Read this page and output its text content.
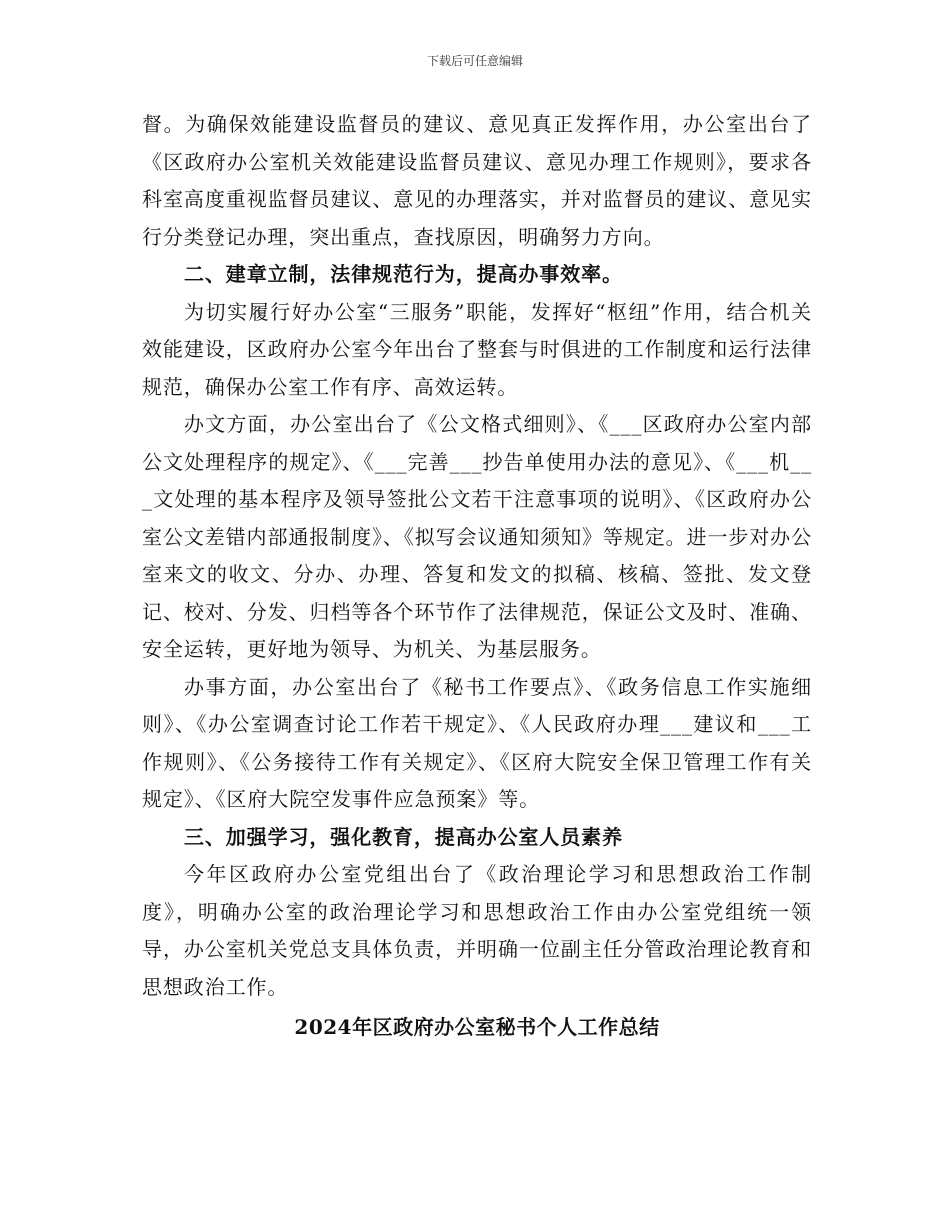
下载后可任意编辑

督。为确保效能建设监督员的建议、意见真正发挥作用，办公室出台了《区政府办公室机关效能建设监督员建议、意见办理工作规则》，要求各科室高度重视监督员建议、意见的办理落实，并对监督员的建议、意见实行分类登记办理，突出重点，查找原因，明确努力方向。

二、建章立制，法律规范行为，提高办事效率。

为切实履行好办公室“三服务”职能，发挥好“枢纽”作用，结合机关效能建设，区政府办公室今年出台了整套与时俱进的工作制度和运行法律规范，确保办公室工作有序、高效运转。

办文方面，办公室出台了《公文格式细则》、《___区政府办公室内部公文处理程序的规定》、《___完善___抄告单使用办法的意见》、《___机___文处理的基本程序及领导签批公文若干注意事项的说明》、《区政府办公室公文差错内部通报制度》、《拟写会议通知须知》等规定。进一步对办公室来文的收文、分办、办理、答复和发文的拟稿、核稿、签批、发文登记、校对、分发、归档等各个环节作了法律规范，保证公文及时、准确、安全运转，更好地为领导、为机关、为基层服务。

办事方面，办公室出台了《秘书工作要点》、《政务信息工作实施细则》、《办公室调查讨论工作若干规定》、《人民政府办理___建议和___工作规则》、《公务接待工作有关规定》、《区府大院安全保卫管理工作有关规定》、《区府大院空发事件应急预案》等。

三、加强学习，强化教育，提高办公室人员素养

今年区政府办公室党组出台了《政治理论学习和思想政治工作制度》，明确办公室的政治理论学习和思想政治工作由办公室党组统一领导，办公室机关党总支具体负责，并明确一位副主任分管政治理论教育和思想政治工作。

2024年区政府办公室秘书个人工作总结
